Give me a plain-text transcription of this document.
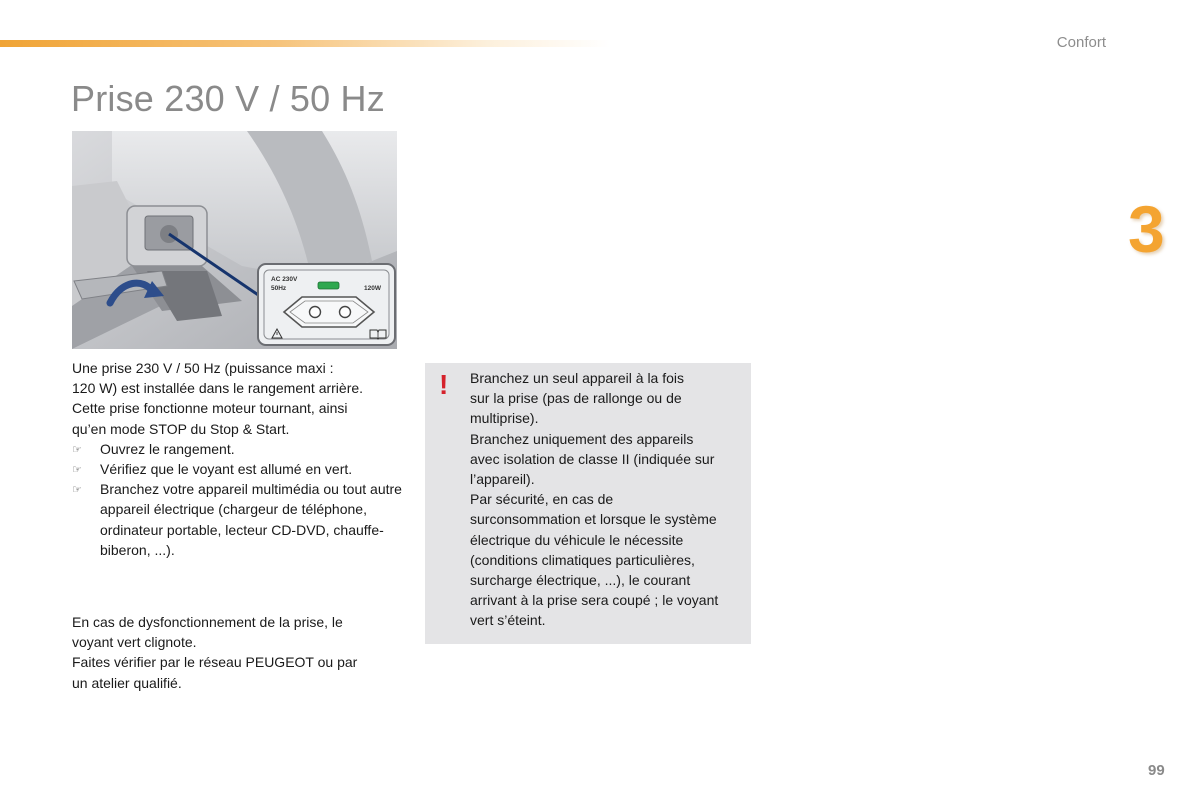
Confort
Prise 230 V / 50 Hz
3
AC 230V
50Hz	120W

Une prise 230 V / 50 Hz (puissance maxi :

120 W) est installée dans le rangement arrière.

Cette prise fonctionne moteur tournant, ainsi

qu’en mode STOP du Stop & Start.

☞ Ouvrez le rangement.
☞ Vérifiez que le voyant est allumé en vert.
☞ Branchez votre appareil multimédia ou tout autre appareil électrique (chargeur de téléphone, ordinateur portable, lecteur CD-DVD, chauffe-biberon, ...).

En cas de dysfonctionnement de la prise, le

voyant vert clignote.

Faites vérifier par le réseau PEUGEOT ou par

un atelier qualifié.

! Branchez un seul appareil à la fois

sur la prise (pas de rallonge ou de

multiprise).

Branchez uniquement des appareils

avec isolation de classe II (indiquée sur

l’appareil).

Par sécurité, en cas de

surconsommation et lorsque le système

électrique du véhicule le nécessite

(conditions climatiques particulières,

surcharge électrique, ...), le courant

arrivant à la prise sera coupé ; le voyant

vert s’éteint.

99
